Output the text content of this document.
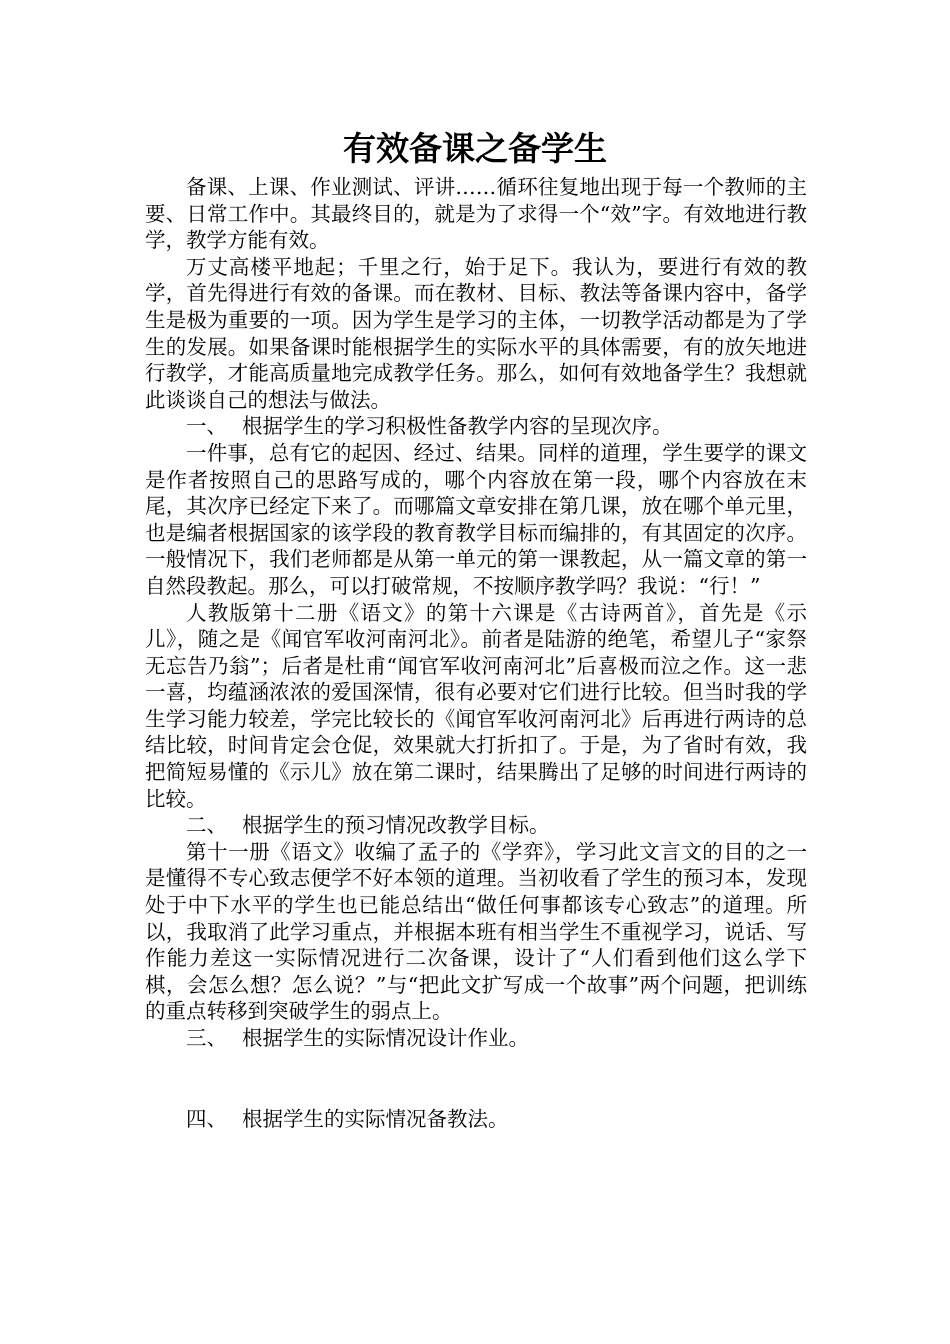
有效备课之备学生

备课、上课、作业测试、评讲……循环往复地出现于每一个教师的主要、日常工作中。其最终目的，就是为了求得一个“效”字。有效地进行教学，教学方能有效。

万丈高楼平地起；千里之行，始于足下。我认为，要进行有效的教学，首先得进行有效的备课。而在教材、目标、教法等备课内容中，备学生是极为重要的一项。因为学生是学习的主体，一切教学活动都是为了学生的发展。如果备课时能根据学生的实际水平的具体需要，有的放矢地进行教学，才能高质量地完成教学任务。那么，如何有效地备学生？我想就此谈谈自己的想法与做法。

一、 根据学生的学习积极性备教学内容的呈现次序。

一件事，总有它的起因、经过、结果。同样的道理，学生要学的课文是作者按照自己的思路写成的，哪个内容放在第一段，哪个内容放在末尾，其次序已经定下来了。而哪篇文章安排在第几课，放在哪个单元里，也是编者根据国家的该学段的教育教学目标而编排的，有其固定的次序。一般情况下，我们老师都是从第一单元的第一课教起，从一篇文章的第一自然段教起。那么，可以打破常规，不按顺序教学吗？我说：“行！”

人教版第十二册《语文》的第十六课是《古诗两首》，首先是《示儿》，随之是《闻官军收河南河北》。前者是陆游的绝笔，希望儿子“家祭无忘告乃翁”；后者是杜甫“闻官军收河南河北”后喜极而泣之作。这一悲一喜，均蕴涵浓浓的爱国深情，很有必要对它们进行比较。但当时我的学生学习能力较差，学完比较长的《闻官军收河南河北》后再进行两诗的总结比较，时间肯定会仓促，效果就大打折扣了。于是，为了省时有效，我把简短易懂的《示儿》放在第二课时，结果腾出了足够的时间进行两诗的比较。

二、 根据学生的预习情况改教学目标。

第十一册《语文》收编了孟子的《学弈》，学习此文言文的目的之一是懂得不专心致志便学不好本领的道理。当初收看了学生的预习本，发现处于中下水平的学生也已能总结出“做任何事都该专心致志”的道理。所以，我取消了此学习重点，并根据本班有相当学生不重视学习，说话、写作能力差这一实际情况进行二次备课，设计了“人们看到他们这么学下棋，会怎么想？怎么说？”与“把此文扩写成一个故事”两个问题，把训练的重点转移到突破学生的弱点上。

三、 根据学生的实际情况设计作业。

四、 根据学生的实际情况备教法。
